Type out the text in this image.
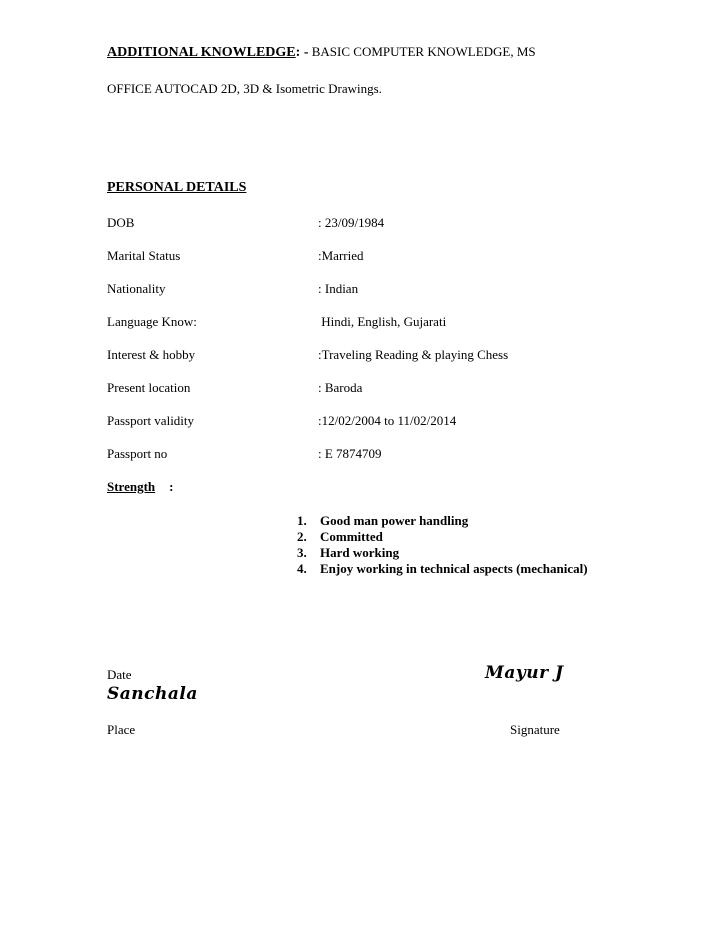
ADDITIONAL KNOWLEDGE: - BASIC COMPUTER KNOWLEDGE, MS
OFFICE AUTOCAD 2D, 3D & Isometric Drawings.
PERSONAL DETAILS
DOB	: 23/09/1984
Marital Status	:Married
Nationality	: Indian
Language Know:	Hindi, English, Gujarati
Interest & hobby	:Traveling Reading & playing Chess
Present location	: Baroda
Passport validity	:12/02/2004 to 11/02/2014
Passport no	: E 7874709
Strength :
1. Good man power handling
2. Committed
3. Hard working
4. Enjoy working in technical aspects (mechanical)
Date	Mayur J
Sanchala
Place	Signature
